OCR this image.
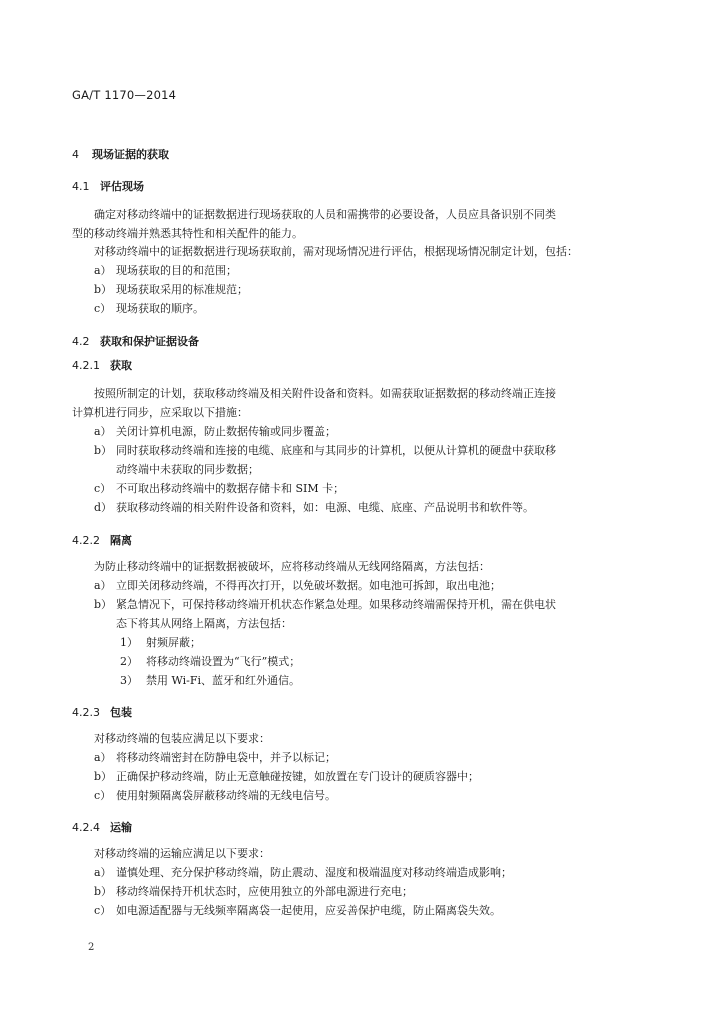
GA/T 1170—2014
4 现场证据的获取
4.1 评估现场
确定对移动终端中的证据数据进行现场获取的人员和需携带的必要设备，人员应具备识别不同类
型的移动终端并熟悉其特性和相关配件的能力。
对移动终端中的证据数据进行现场获取前，需对现场情况进行评估，根据现场情况制定计划，包括：
a） 现场获取的目的和范围；
b） 现场获取采用的标准规范；
c） 现场获取的顺序。
4.2 获取和保护证据设备
4.2.1 获取
按照所制定的计划，获取移动终端及相关附件设备和资料。如需获取证据数据的移动终端正连接
计算机进行同步，应采取以下措施：
a） 关闭计算机电源，防止数据传输或同步覆盖；
b） 同时获取移动终端和连接的电缆、底座和与其同步的计算机，以便从计算机的硬盘中获取移
动终端中未获取的同步数据；
c） 不可取出移动终端中的数据存储卡和 SIM 卡；
d） 获取移动终端的相关附件设备和资料，如：电源、电缆、底座、产品说明书和软件等。
4.2.2 隔离
为防止移动终端中的证据数据被破坏，应将移动终端从无线网络隔离，方法包括：
a） 立即关闭移动终端，不得再次打开，以免破坏数据。如电池可拆卸，取出电池；
b） 紧急情况下，可保持移动终端开机状态作紧急处理。如果移动终端需保持开机，需在供电状
态下将其从网络上隔离，方法包括：
1） 射频屏蔽；
2） 将移动终端设置为“飞行”模式；
3） 禁用 Wi-Fi、蓝牙和红外通信。
4.2.3 包装
对移动终端的包装应满足以下要求：
a） 将移动终端密封在防静电袋中，并予以标记；
b） 正确保护移动终端，防止无意触碰按键，如放置在专门设计的硬质容器中；
c） 使用射频隔离袋屏蔽移动终端的无线电信号。
4.2.4 运输
对移动终端的运输应满足以下要求：
a） 谨慎处理、充分保护移动终端，防止震动、湿度和极端温度对移动终端造成影响；
b） 移动终端保持开机状态时，应使用独立的外部电源进行充电；
c） 如电源适配器与无线频率隔离袋一起使用，应妥善保护电缆，防止隔离袋失效。
2
